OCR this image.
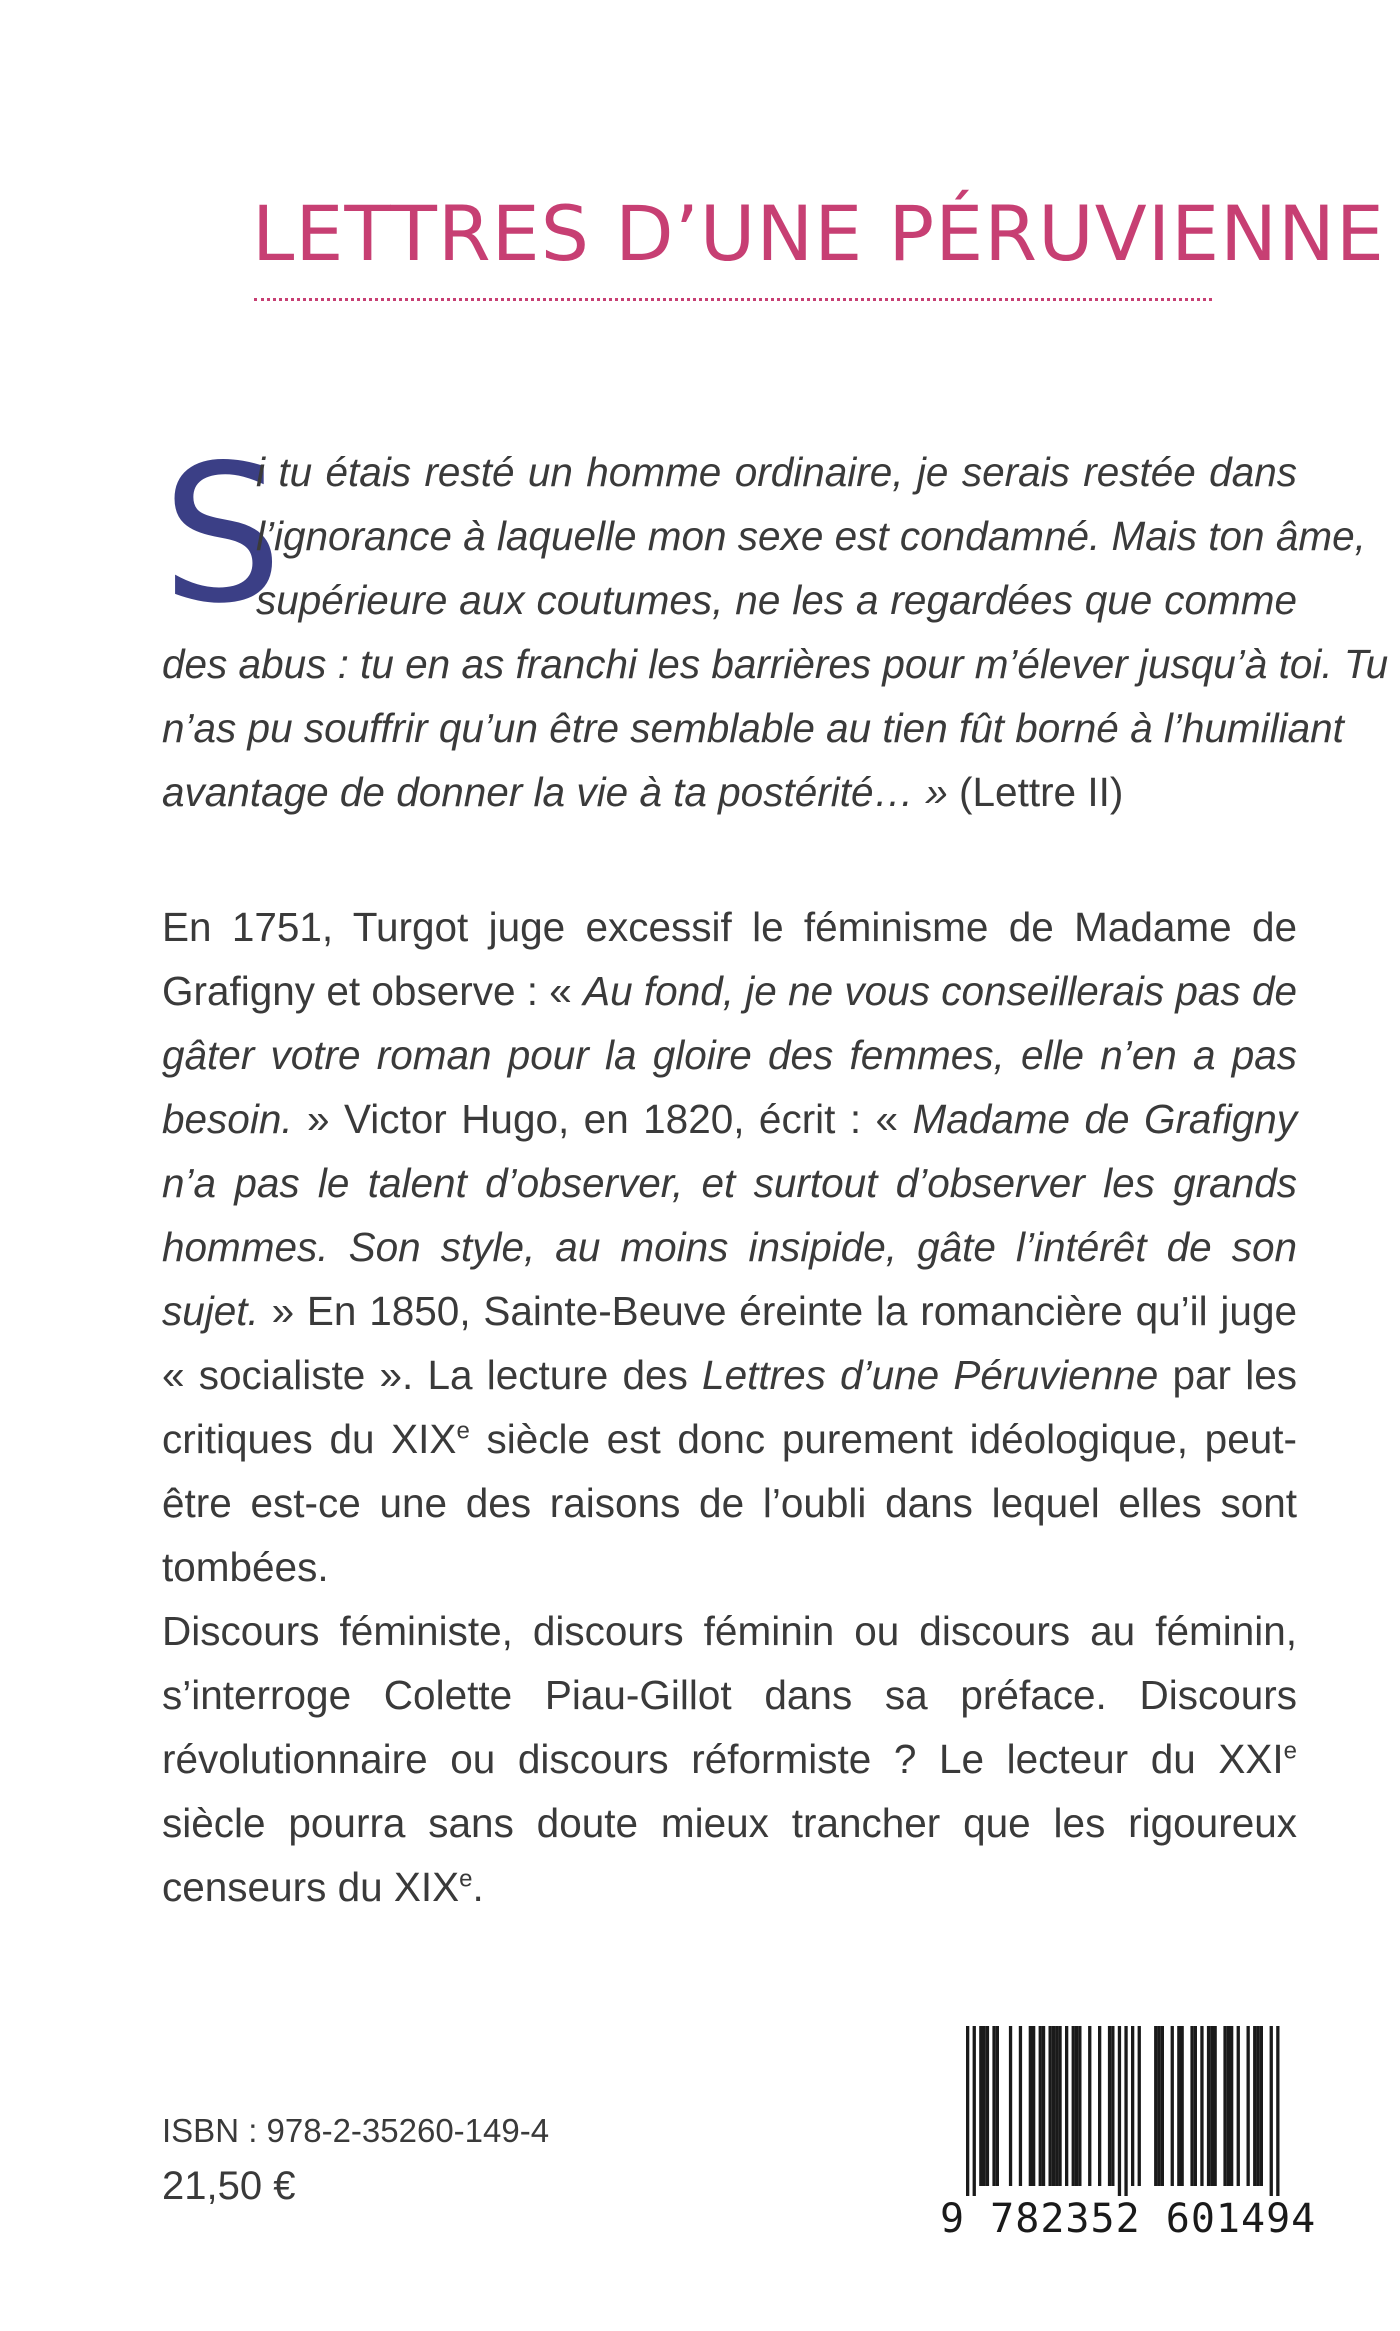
LETTRES D’UNE PÉRUVIENNE
S

i tu étais resté un homme ordinaire, je serais restée dans

l’ignorance à laquelle mon sexe est condamné. Mais ton âme,

supérieure aux coutumes, ne les a regardées que comme

des abus : tu en as franchi les barrières pour m’élever jusqu’à toi. Tu

n’as pu souffrir qu’un être semblable au tien fût borné à l’humiliant

avantage de donner la vie à ta postérité… » (Lettre II)

En 1751, Turgot juge excessif le féminisme de Madame de Grafigny et observe : « Au fond, je ne vous conseillerais pas de gâter votre roman pour la gloire des femmes, elle n’en a pas besoin. » Victor Hugo, en 1820, écrit : « Madame de Grafigny n’a pas le talent d’observer, et surtout d’observer les grands hommes. Son style, au moins insipide, gâte l’intérêt de son sujet. » En 1850, Sainte-Beuve éreinte la romancière qu’il juge « socialiste ». La lecture des Lettres d’une Péruvienne par les critiques du XIXe siècle est donc purement idéologique, peut-être est-ce une des raisons de l’oubli dans lequel elles sont tombées.

Discours féministe, discours féminin ou discours au féminin, s’interroge Colette Piau-Gillot dans sa préface. Discours révolutionnaire ou discours réformiste ? Le lecteur du XXIe siècle pourra sans doute mieux trancher que les rigoureux censeurs du XIXe.

ISBN : 978-2-35260-149-4
21,50 €
9 782352 601494
